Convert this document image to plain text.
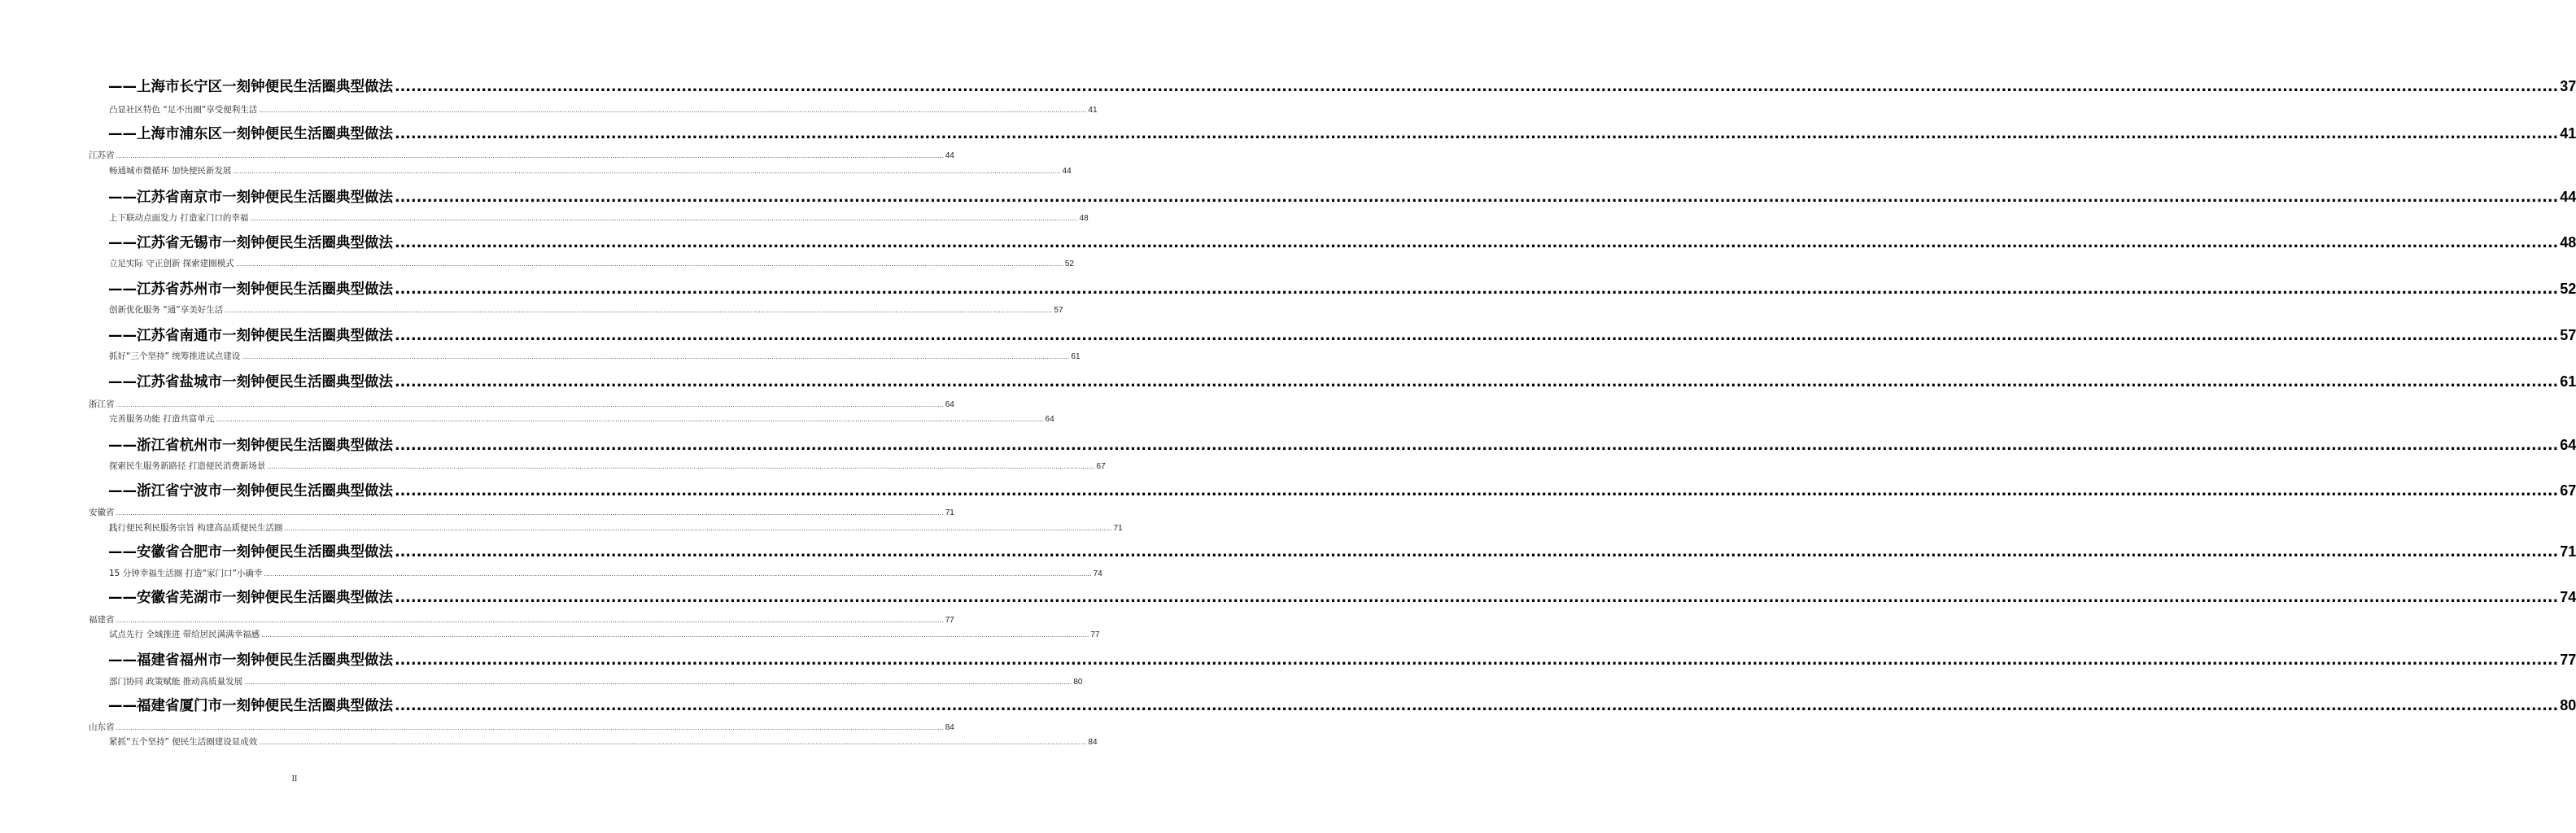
——上海市长宁区一刻钟便民生活圈典型做法 ................................................................................................................................................................................................................................................................................................................................................................................................................ 37
凸显社区特色 “足不出圈”享受便利生活 ................................................................................................................................................................................................................................................................................................................................................................................................................ 41
——上海市浦东区一刻钟便民生活圈典型做法 ................................................................................................................................................................................................................................................................................................................................................................................................................ 41
江苏省 ................................................................................................................................................................................................................................................................................................................................................................................................................ 44
畅通城市微循环 加快便民新发展 ................................................................................................................................................................................................................................................................................................................................................................................................................ 44
——江苏省南京市一刻钟便民生活圈典型做法 ................................................................................................................................................................................................................................................................................................................................................................................................................ 44
上下联动点面发力 打造家门口的幸福 ................................................................................................................................................................................................................................................................................................................................................................................................................ 48
——江苏省无锡市一刻钟便民生活圈典型做法 ................................................................................................................................................................................................................................................................................................................................................................................................................ 48
立足实际 守正创新 探索建圈模式 ................................................................................................................................................................................................................................................................................................................................................................................................................ 52
——江苏省苏州市一刻钟便民生活圈典型做法 ................................................................................................................................................................................................................................................................................................................................................................................................................ 52
创新优化服务 “通”享美好生活 ................................................................................................................................................................................................................................................................................................................................................................................................................ 57
——江苏省南通市一刻钟便民生活圈典型做法 ................................................................................................................................................................................................................................................................................................................................................................................................................ 57
抓好“三个坚持” 统筹推进试点建设 ................................................................................................................................................................................................................................................................................................................................................................................................................ 61
——江苏省盐城市一刻钟便民生活圈典型做法 ................................................................................................................................................................................................................................................................................................................................................................................................................ 61
浙江省 ................................................................................................................................................................................................................................................................................................................................................................................................................ 64
完善服务功能 打造共富单元 ................................................................................................................................................................................................................................................................................................................................................................................................................ 64
——浙江省杭州市一刻钟便民生活圈典型做法 ................................................................................................................................................................................................................................................................................................................................................................................................................ 64
探索民生服务新路径 打造便民消费新场景 ................................................................................................................................................................................................................................................................................................................................................................................................................ 67
——浙江省宁波市一刻钟便民生活圈典型做法 ................................................................................................................................................................................................................................................................................................................................................................................................................ 67
安徽省 ................................................................................................................................................................................................................................................................................................................................................................................................................ 71
践行便民利民服务宗旨 构建高品质便民生活圈 ................................................................................................................................................................................................................................................................................................................................................................................................................ 71
——安徽省合肥市一刻钟便民生活圈典型做法 ................................................................................................................................................................................................................................................................................................................................................................................................................ 71
15 分钟幸福生活圈 打造“家门口”小确幸 ................................................................................................................................................................................................................................................................................................................................................................................................................ 74
——安徽省芜湖市一刻钟便民生活圈典型做法 ................................................................................................................................................................................................................................................................................................................................................................................................................ 74
福建省 ................................................................................................................................................................................................................................................................................................................................................................................................................ 77
试点先行 全域推进 带给居民满满幸福感 ................................................................................................................................................................................................................................................................................................................................................................................................................ 77
——福建省福州市一刻钟便民生活圈典型做法 ................................................................................................................................................................................................................................................................................................................................................................................................................ 77
部门协同 政策赋能 推动高质量发展 ................................................................................................................................................................................................................................................................................................................................................................................................................ 80
——福建省厦门市一刻钟便民生活圈典型做法 ................................................................................................................................................................................................................................................................................................................................................................................................................ 80
山东省 ................................................................................................................................................................................................................................................................................................................................................................................................................ 84
紧抓“五个坚持” 便民生活圈建设显成效 ................................................................................................................................................................................................................................................................................................................................................................................................................ 84
II
